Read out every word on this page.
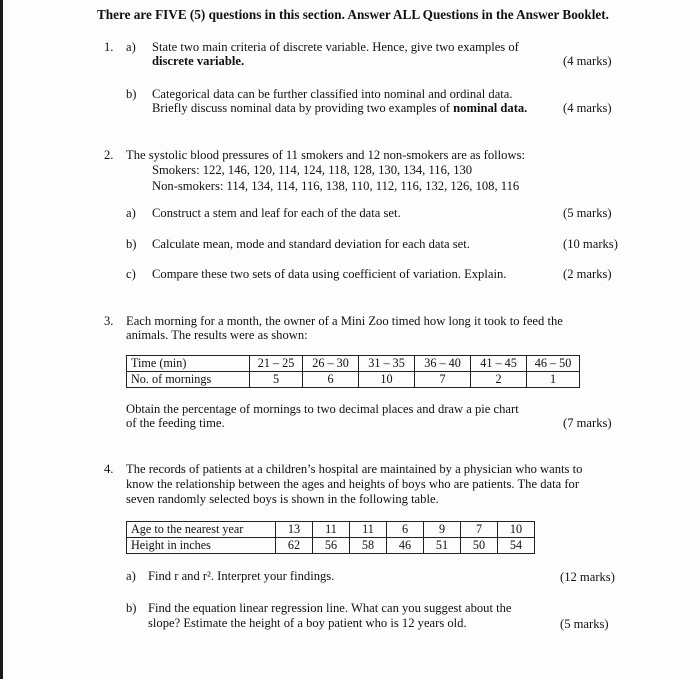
There are FIVE (5) questions in this section. Answer ALL Questions in the Answer Booklet.
1. a) State two main criteria of discrete variable. Hence, give two examples of
discrete variable.	(4 marks)
b) Categorical data can be further classified into nominal and ordinal data.
Briefly discuss nominal data by providing two examples of nominal data.	(4 marks)
2. The systolic blood pressures of 11 smokers and 12 non-smokers are as follows:
Smokers: 122, 146, 120, 114, 124, 118, 128, 130, 134, 116, 130
Non-smokers: 114, 134, 114, 116, 138, 110, 112, 116, 132, 126, 108, 116
a) Construct a stem and leaf for each of the data set.	(5 marks)
b) Calculate mean, mode and standard deviation for each data set.	(10 marks)
c) Compare these two sets of data using coefficient of variation. Explain.	(2 marks)
3. Each morning for a month, the owner of a Mini Zoo timed how long it took to feed the
animals. The results were as shown:
Time (min)	21 – 25	26 – 30	31 – 35	36 – 40	41 – 45	46 – 50
No. of mornings	5	6	10	7	2	1
Obtain the percentage of mornings to two decimal places and draw a pie chart
of the feeding time.	(7 marks)
4. The records of patients at a children’s hospital are maintained by a physician who wants to
know the relationship between the ages and heights of boys who are patients. The data for
seven randomly selected boys is shown in the following table.
Age to the nearest year	13	11	11	6	9	7	10
Height in inches	62	56	58	46	51	50	54
a) Find r and r². Interpret your findings.	(12 marks)
b) Find the equation linear regression line. What can you suggest about the
slope? Estimate the height of a boy patient who is 12 years old.	(5 marks)
